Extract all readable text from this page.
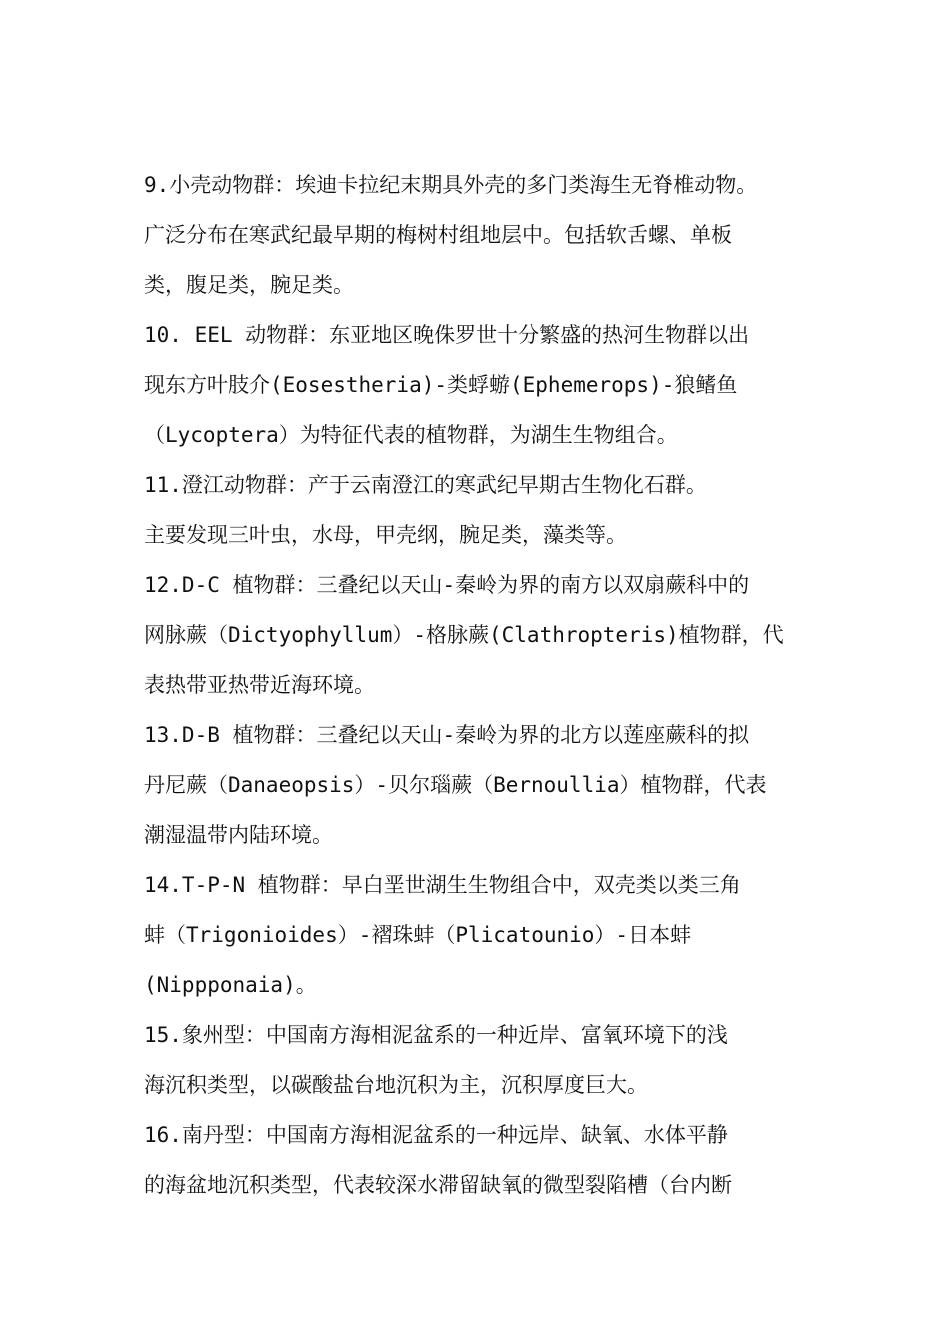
9.小壳动物群：埃迪卡拉纪末期具外壳的多门类海生无脊椎动物。
广泛分布在寒武纪最早期的梅树村组地层中。包括软舌螺、单板
类，腹足类，腕足类。
10. EEL 动物群：东亚地区晚侏罗世十分繁盛的热河生物群以出
现东方叶肢介(Eosestheria)-类蜉蝣(Ephemerops)-狼鳍鱼
（Lycoptera）为特征代表的植物群，为湖生生物组合。
11.澄江动物群：产于云南澄江的寒武纪早期古生物化石群。
主要发现三叶虫，水母，甲壳纲，腕足类，藻类等。
12.D-C 植物群：三叠纪以天山-秦岭为界的南方以双扇蕨科中的
网脉蕨（Dictyophyllum）-格脉蕨(Clathropteris)植物群，代
表热带亚热带近海环境。
13.D-B 植物群：三叠纪以天山-秦岭为界的北方以莲座蕨科的拟
丹尼蕨（Danaeopsis）-贝尔瑙蕨（Bernoullia）植物群，代表
潮湿温带内陆环境。
14.T-P-N 植物群：早白垩世湖生生物组合中，双壳类以类三角
蚌（Trigonioides）-褶珠蚌（Plicatounio）-日本蚌
(Nippponaia)。
15.象州型：中国南方海相泥盆系的一种近岸、富氧环境下的浅
海沉积类型，以碳酸盐台地沉积为主，沉积厚度巨大。
16.南丹型：中国南方海相泥盆系的一种远岸、缺氧、水体平静
的海盆地沉积类型，代表较深水滞留缺氧的微型裂陷槽（台内断
